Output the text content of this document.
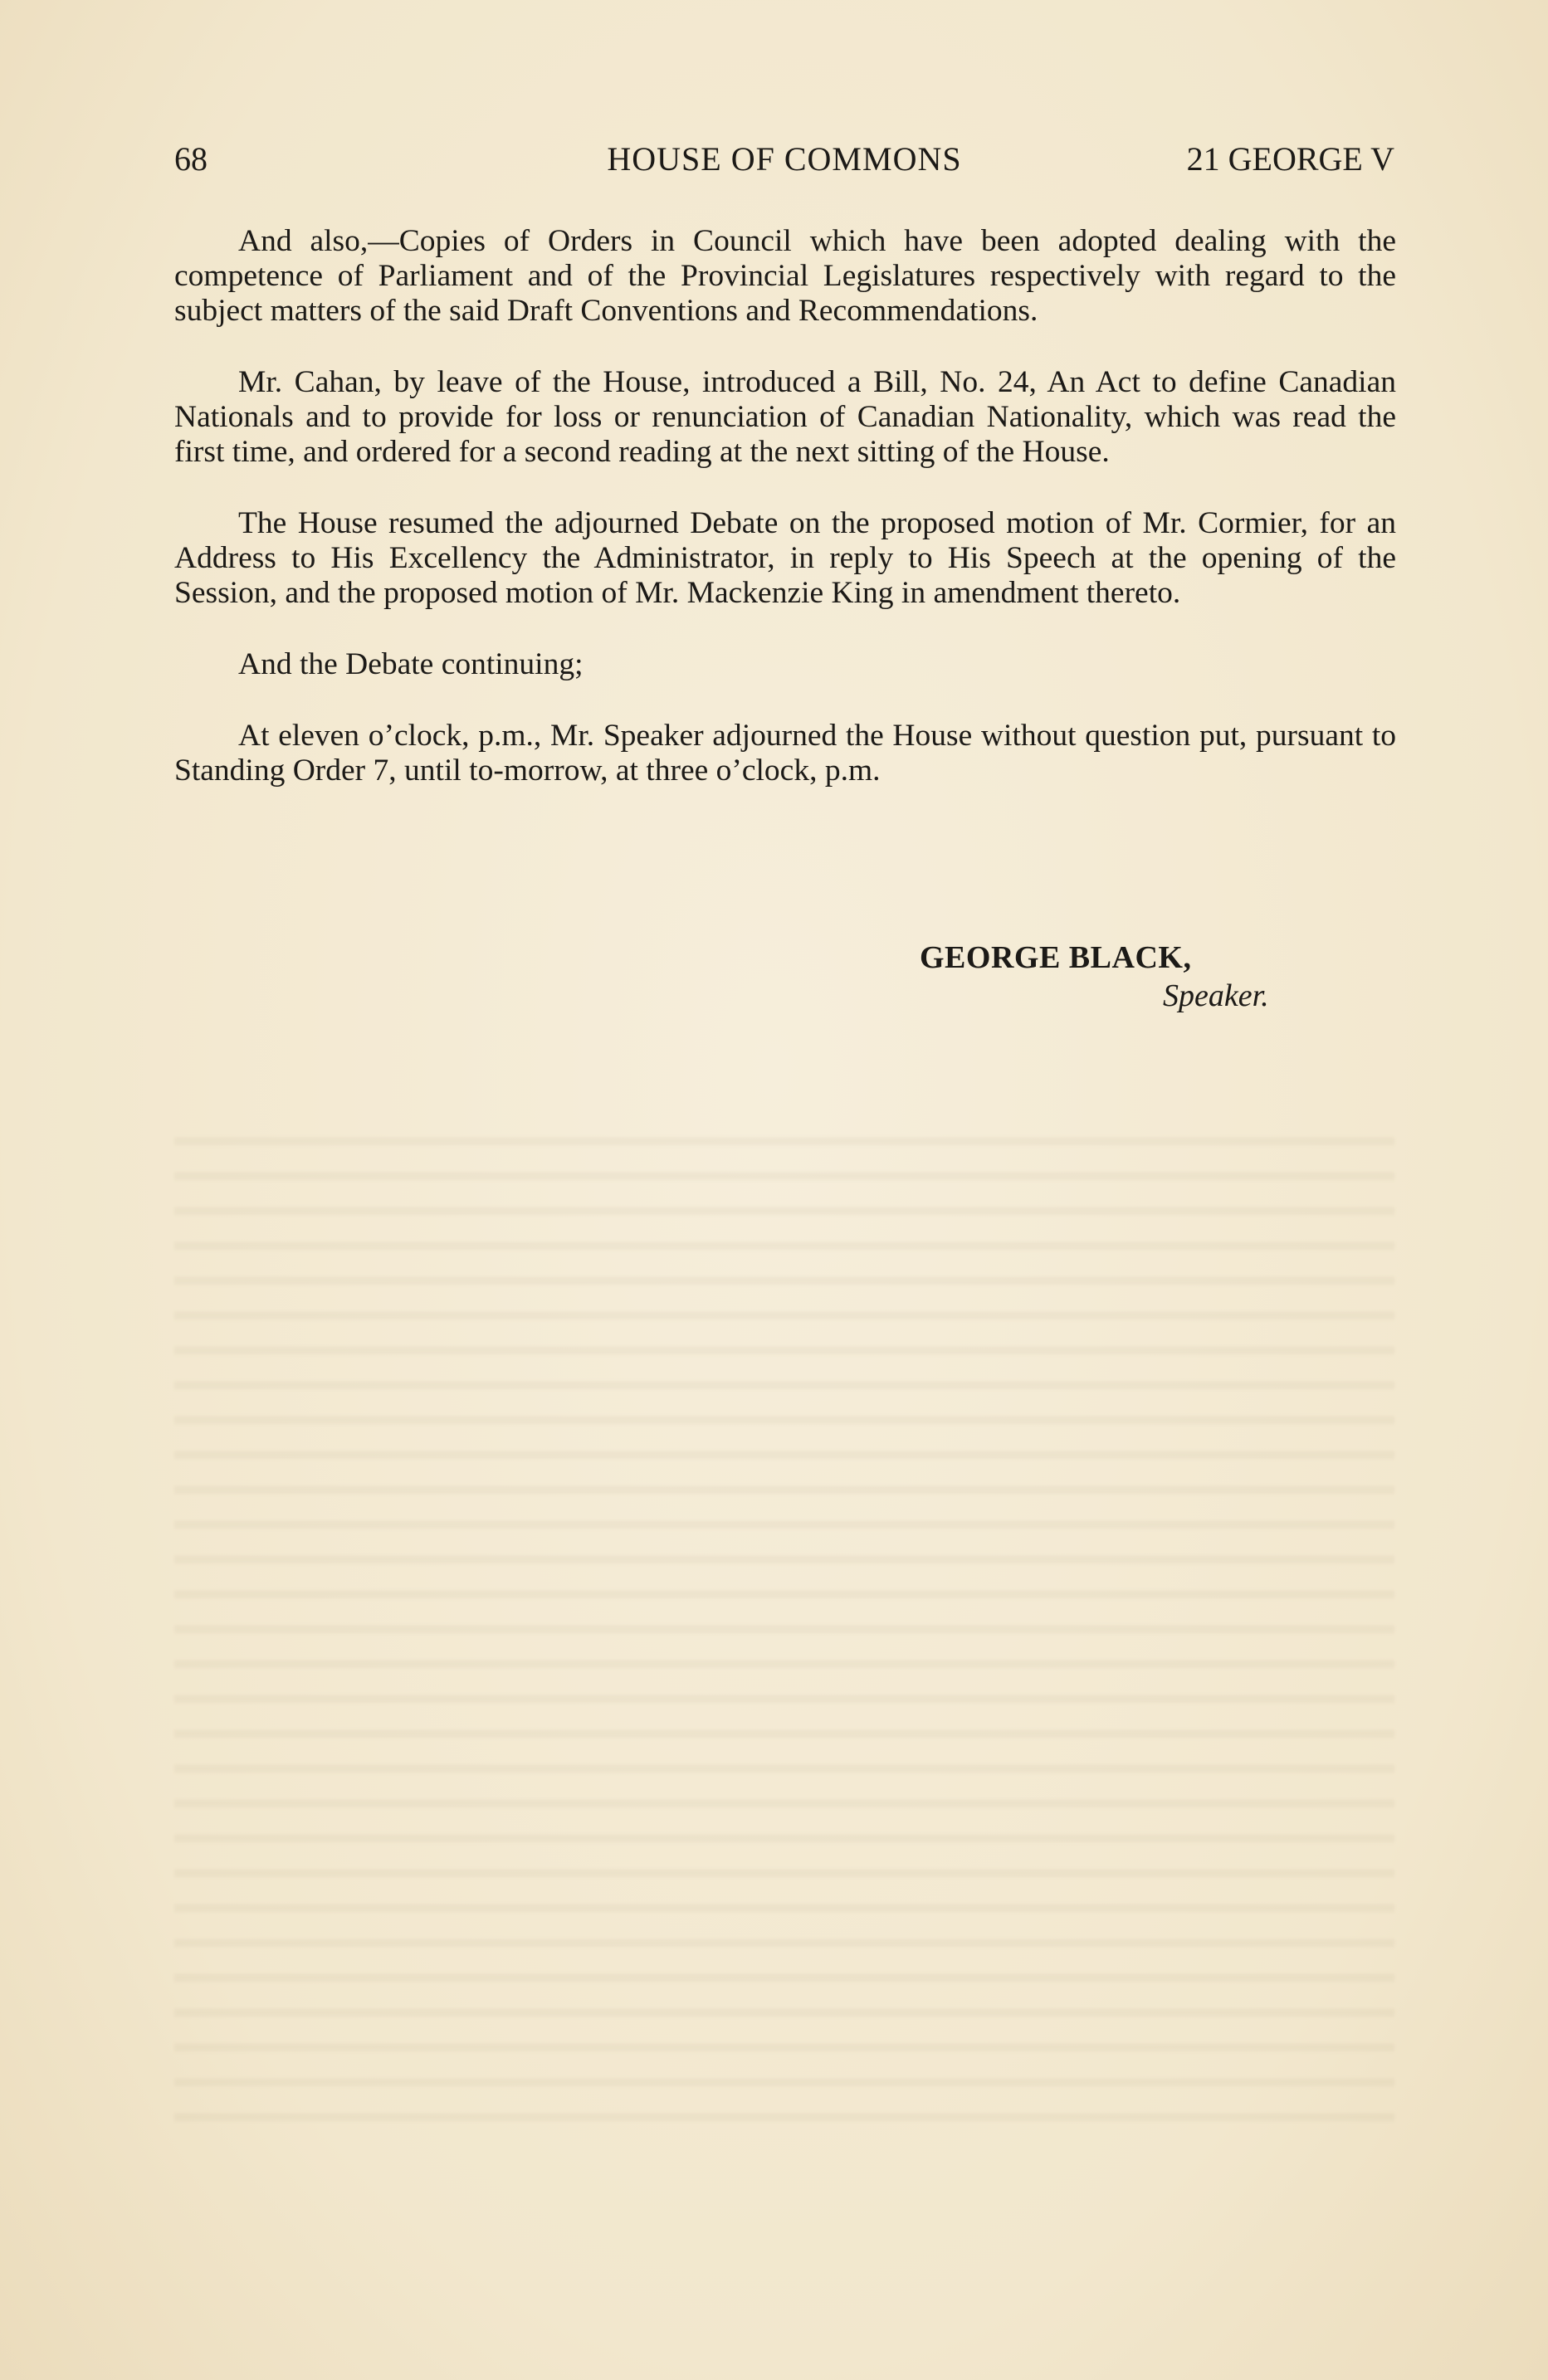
68	HOUSE OF COMMONS	21 GEORGE V

And also,—Copies of Orders in Council which have been adopted dealing with the competence of Parliament and of the Provincial Legislatures respectively with regard to the subject matters of the said Draft Conventions and Recommendations.

Mr. Cahan, by leave of the House, introduced a Bill, No. 24, An Act to define Canadian Nationals and to provide for loss or renunciation of Canadian Nationality, which was read the first time, and ordered for a second reading at the next sitting of the House.

The House resumed the adjourned Debate on the proposed motion of Mr. Cormier, for an Address to His Excellency the Administrator, in reply to His Speech at the opening of the Session, and the proposed motion of Mr. Mackenzie King in amendment thereto.

And the Debate continuing;

At eleven o’clock, p.m., Mr. Speaker adjourned the House without question put, pursuant to Standing Order 7, until to-morrow, at three o’clock, p.m.

GEORGE BLACK,
Speaker.
